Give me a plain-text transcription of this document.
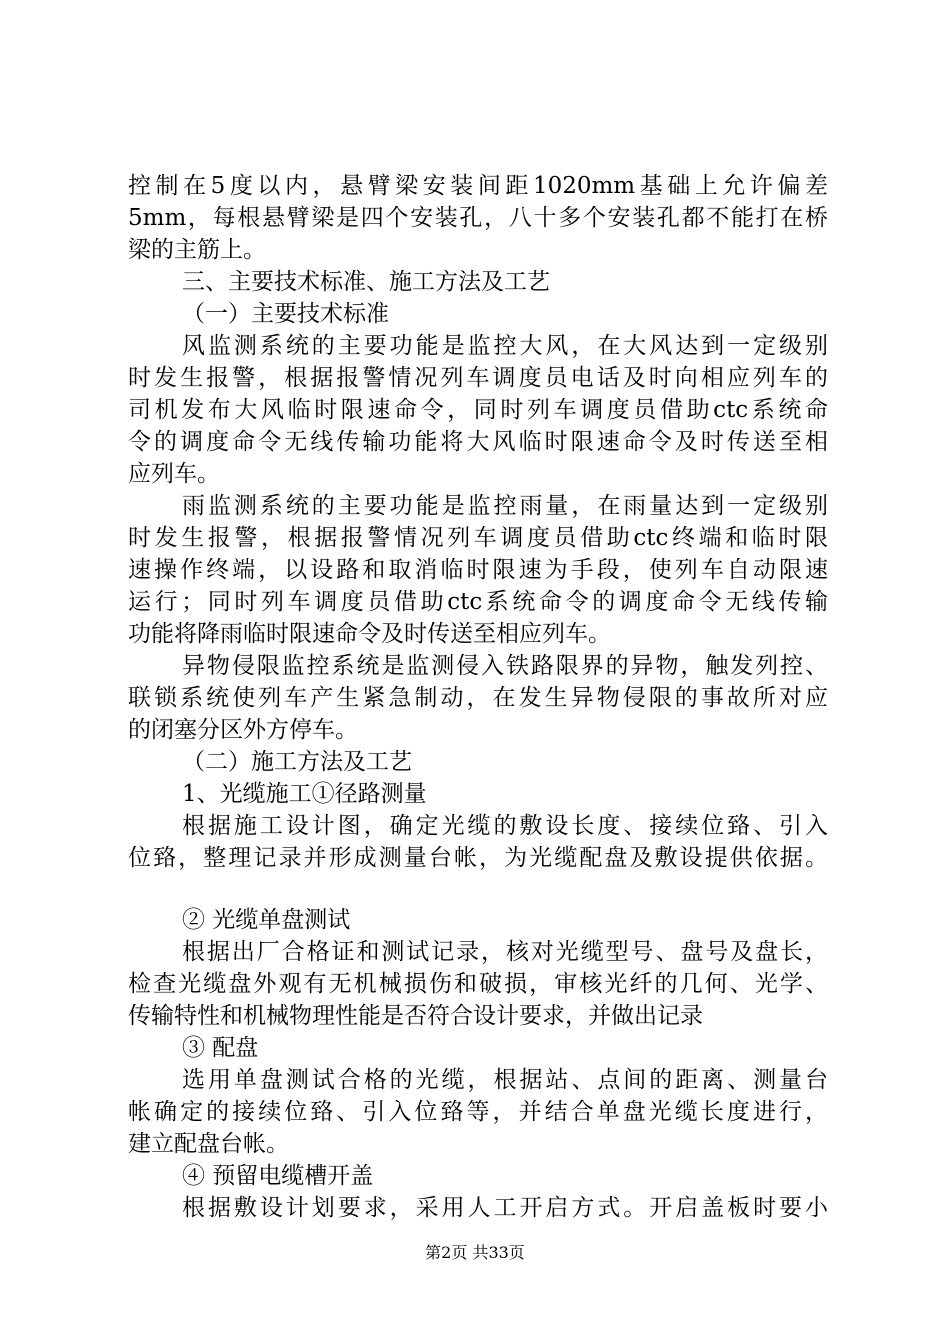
控制在5度以内，悬臂梁安装间距1020mm基础上允许偏差
5mm，每根悬臂梁是四个安装孔，八十多个安装孔都不能打在桥
梁的主筋上。
三、主要技术标准、施工方法及工艺
（一）主要技术标准
风监测系统的主要功能是监控大风，在大风达到一定级别
时发生报警，根据报警情况列车调度员电话及时向相应列车的
司机发布大风临时限速命令，同时列车调度员借助ctc系统命
令的调度命令无线传输功能将大风临时限速命令及时传送至相
应列车。
雨监测系统的主要功能是监控雨量，在雨量达到一定级别
时发生报警，根据报警情况列车调度员借助ctc终端和临时限
速操作终端，以设路和取消临时限速为手段，使列车自动限速
运行；同时列车调度员借助ctc系统命令的调度命令无线传输
功能将降雨临时限速命令及时传送至相应列车。
异物侵限监控系统是监测侵入铁路限界的异物，触发列控、
联锁系统使列车产生紧急制动，在发生异物侵限的事故所对应
的闭塞分区外方停车。
（二）施工方法及工艺
1、光缆施工①径路测量
根据施工设计图，确定光缆的敷设长度、接续位臵、引入
位臵，整理记录并形成测量台帐，为光缆配盘及敷设提供依据。
② 光缆单盘测试
根据出厂合格证和测试记录，核对光缆型号、盘号及盘长，
检查光缆盘外观有无机械损伤和破损，审核光纤的几何、光学、
传输特性和机械物理性能是否符合设计要求，并做出记录
③ 配盘
选用单盘测试合格的光缆，根据站、点间的距离、测量台
帐确定的接续位臵、引入位臵等，并结合单盘光缆长度进行，
建立配盘台帐。
④ 预留电缆槽开盖
根据敷设计划要求，采用人工开启方式。开启盖板时要小
第2页 共33页
